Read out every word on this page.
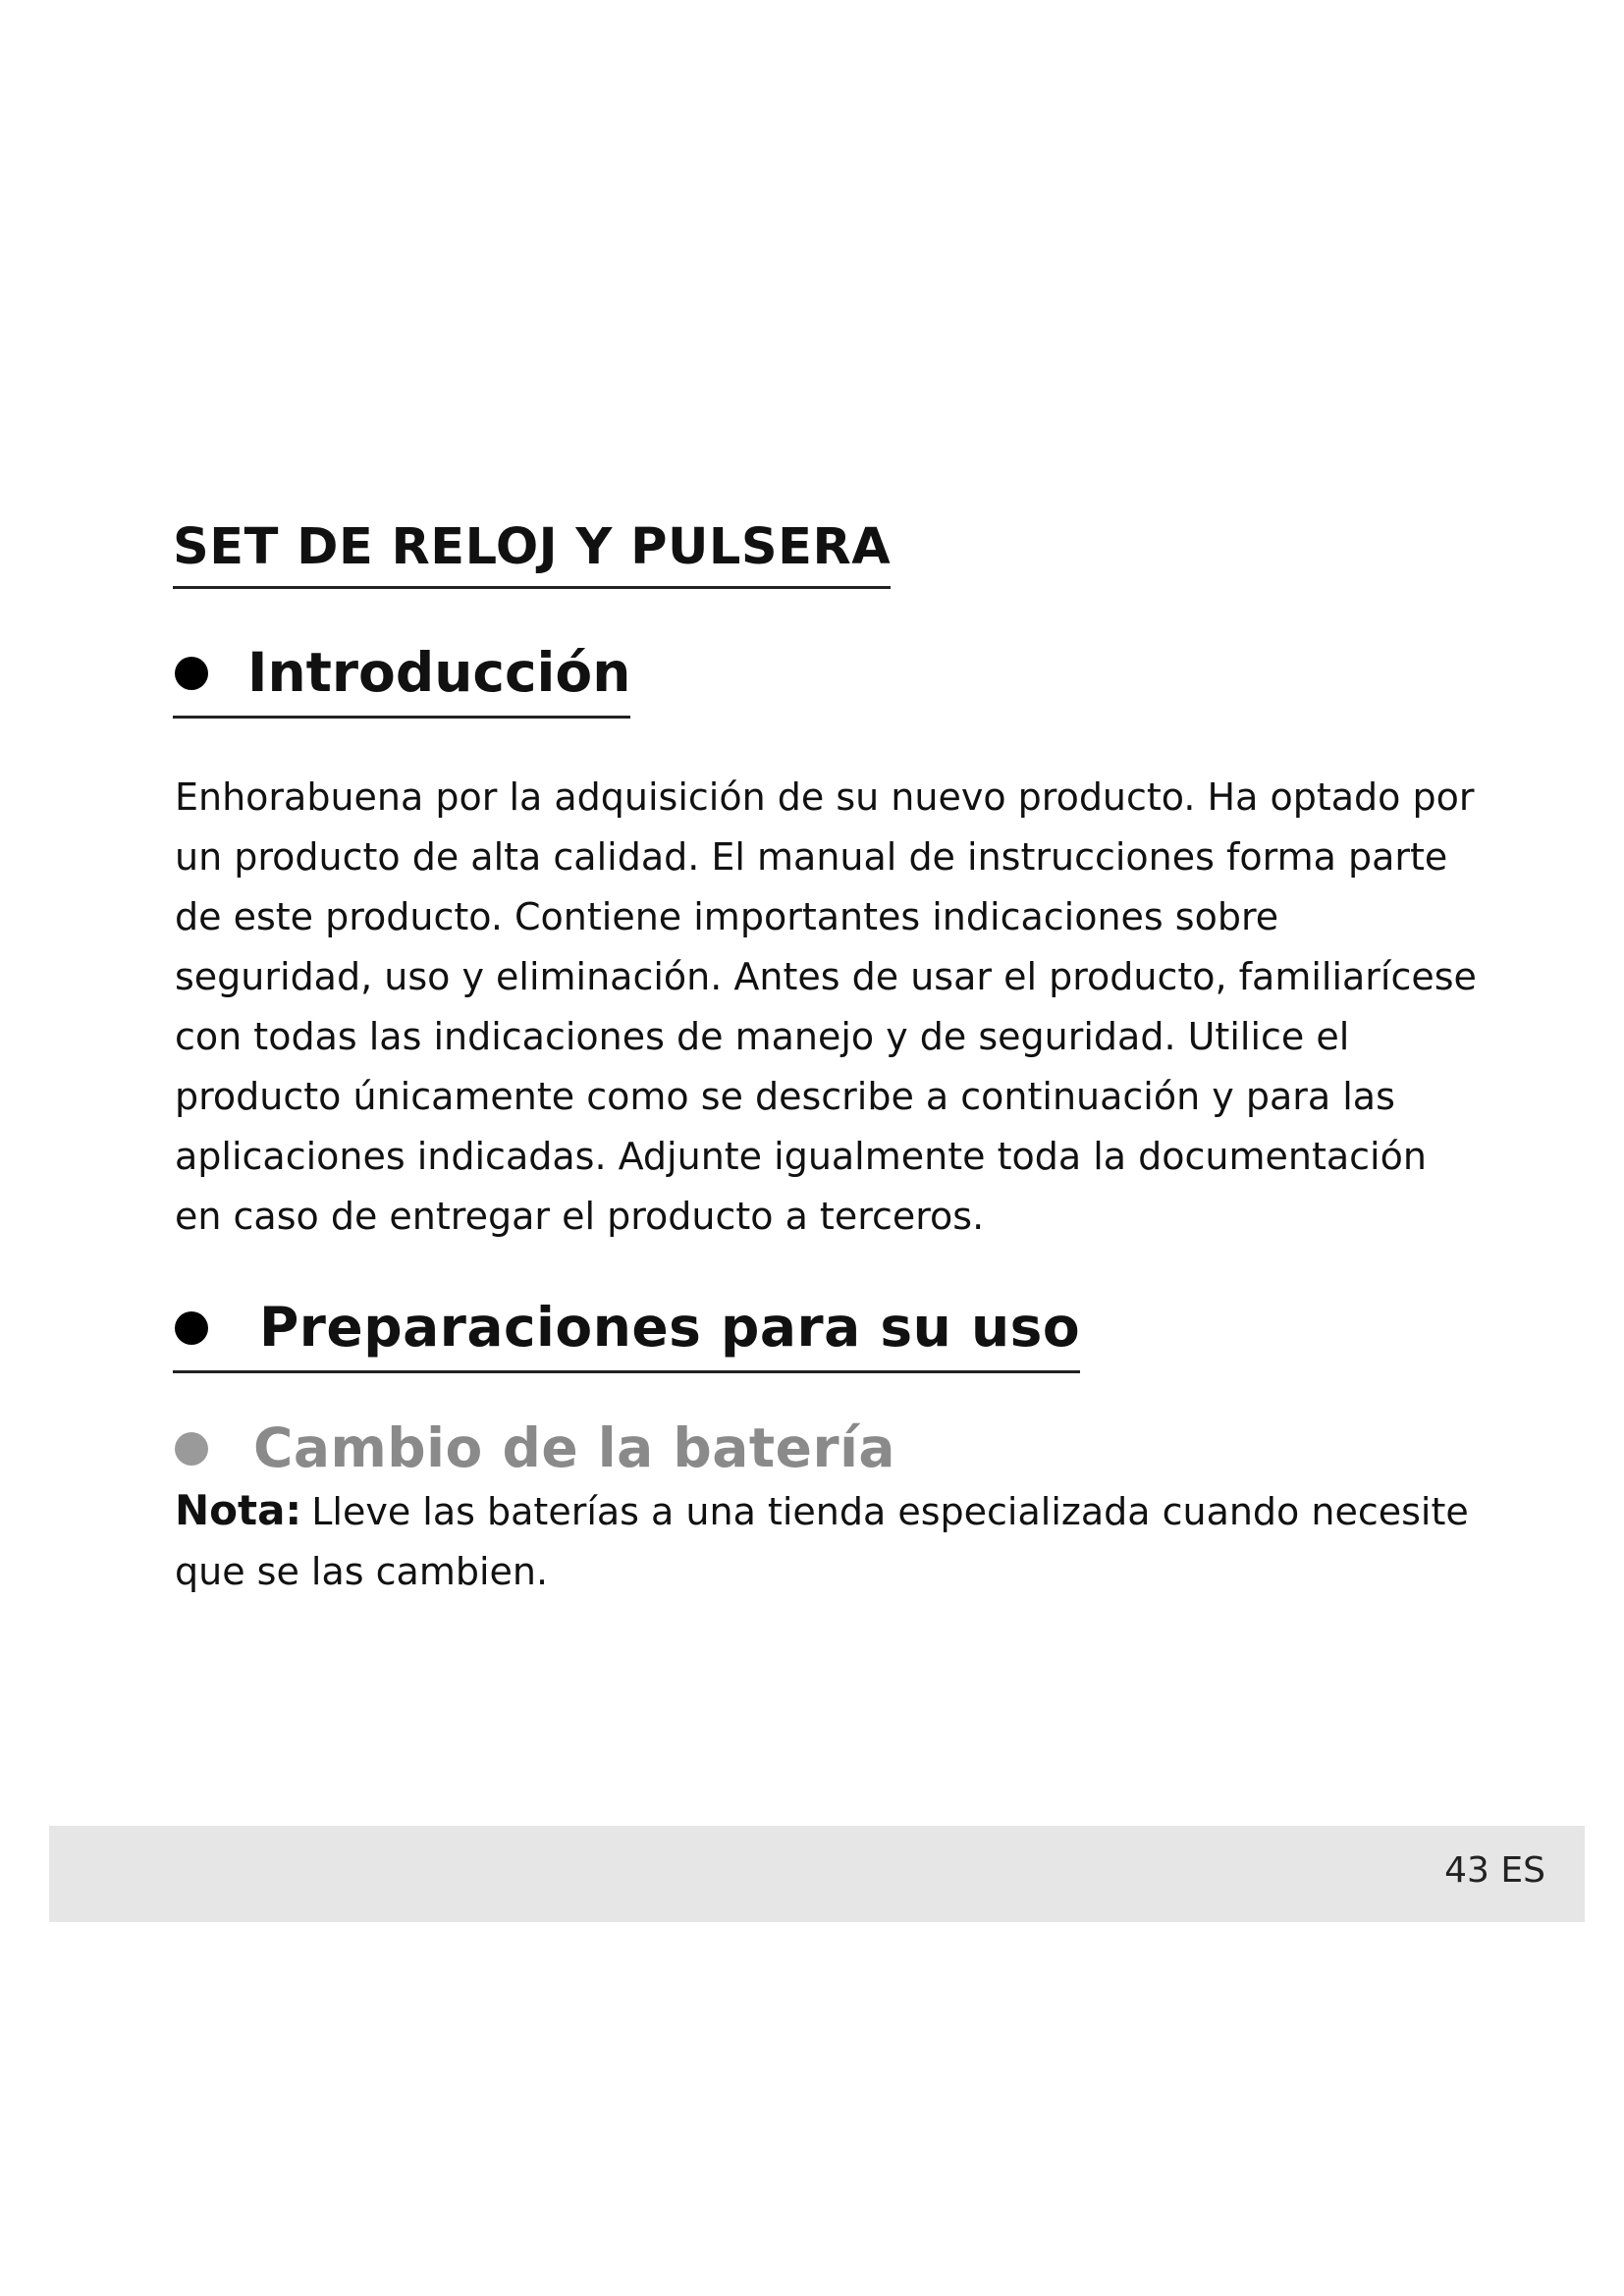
SET DE RELOJ Y PULSERA
Introducción

Enhorabuena por la adquisición de su nuevo producto. Ha optado por un producto de alta calidad. El manual de instrucciones forma parte de este producto. Contiene importantes indicaciones sobre seguridad, uso y eliminación. Antes de usar el producto, familiarícese con todas las indicaciones de manejo y de seguridad. Utilice el producto únicamente como se describe a continuación y para las aplicaciones indicadas. Adjunte igualmente toda la documentación en caso de entregar el producto a terceros.

Preparaciones para su uso
Cambio de la batería

Nota: Lleve las baterías a una tienda especializada cuando necesite que se las cambien.

43 ES
